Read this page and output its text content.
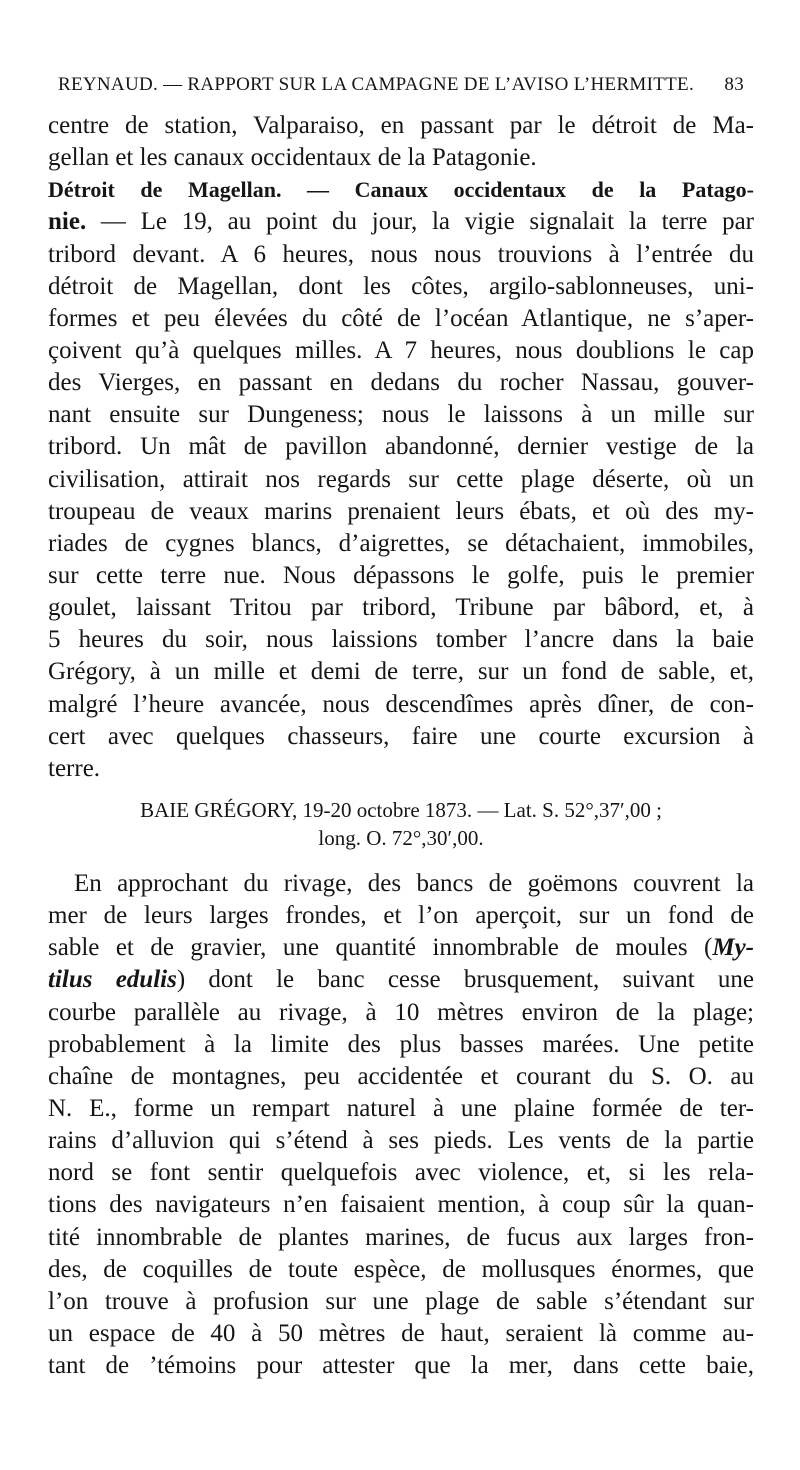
REYNAUD. — RAPPORT SUR LA CAMPAGNE DE L’AVISO L’HERMITTE. 83
centre de station, Valparaiso, en passant par le détroit de Ma-
gellan et les canaux occidentaux de la Patagonie.
Détroit de Magellan. — Canaux occidentaux de la Patago-
nie. — Le 19, au point du jour, la vigie signalait la terre par
tribord devant. A 6 heures, nous nous trouvions à l’entrée du
détroit de Magellan, dont les côtes, argilo-sablonneuses, uni-
formes et peu élevées du côté de l’océan Atlantique, ne s’aper-
çoivent qu’à quelques milles. A 7 heures, nous doublions le cap
des Vierges, en passant en dedans du rocher Nassau, gouver-
nant ensuite sur Dungeness; nous le laissons à un mille sur
tribord. Un mât de pavillon abandonné, dernier vestige de la
civilisation, attirait nos regards sur cette plage déserte, où un
troupeau de veaux marins prenaient leurs ébats, et où des my-
riades de cygnes blancs, d’aigrettes, se détachaient, immobiles,
sur cette terre nue. Nous dépassons le golfe, puis le premier
goulet, laissant Tritou par tribord, Tribune par bâbord, et, à
5 heures du soir, nous laissions tomber l’ancre dans la baie
Grégory, à un mille et demi de terre, sur un fond de sable, et,
malgré l’heure avancée, nous descendîmes après dîner, de con-
cert avec quelques chasseurs, faire une courte excursion à
terre.
BAIE GRÉGORY, 19-20 octobre 1873. — Lat. S. 52°,37′,00 ;
long. O. 72°,30′,00.
En approchant du rivage, des bancs de goëmons couvrent la
mer de leurs larges frondes, et l’on aperçoit, sur un fond de
sable et de gravier, une quantité innombrable de moules (My-
tilus edulis) dont le banc cesse brusquement, suivant une
courbe parallèle au rivage, à 10 mètres environ de la plage;
probablement à la limite des plus basses marées. Une petite
chaîne de montagnes, peu accidentée et courant du S. O. au
N. E., forme un rempart naturel à une plaine formée de ter-
rains d’alluvion qui s’étend à ses pieds. Les vents de la partie
nord se font sentir quelquefois avec violence, et, si les rela-
tions des navigateurs n’en faisaient mention, à coup sûr la quan-
tité innombrable de plantes marines, de fucus aux larges fron-
des, de coquilles de toute espèce, de mollusques énormes, que
l’on trouve à profusion sur une plage de sable s’étendant sur
un espace de 40 à 50 mètres de haut, seraient là comme au-
tant de ’témoins pour attester que la mer, dans cette baie,
